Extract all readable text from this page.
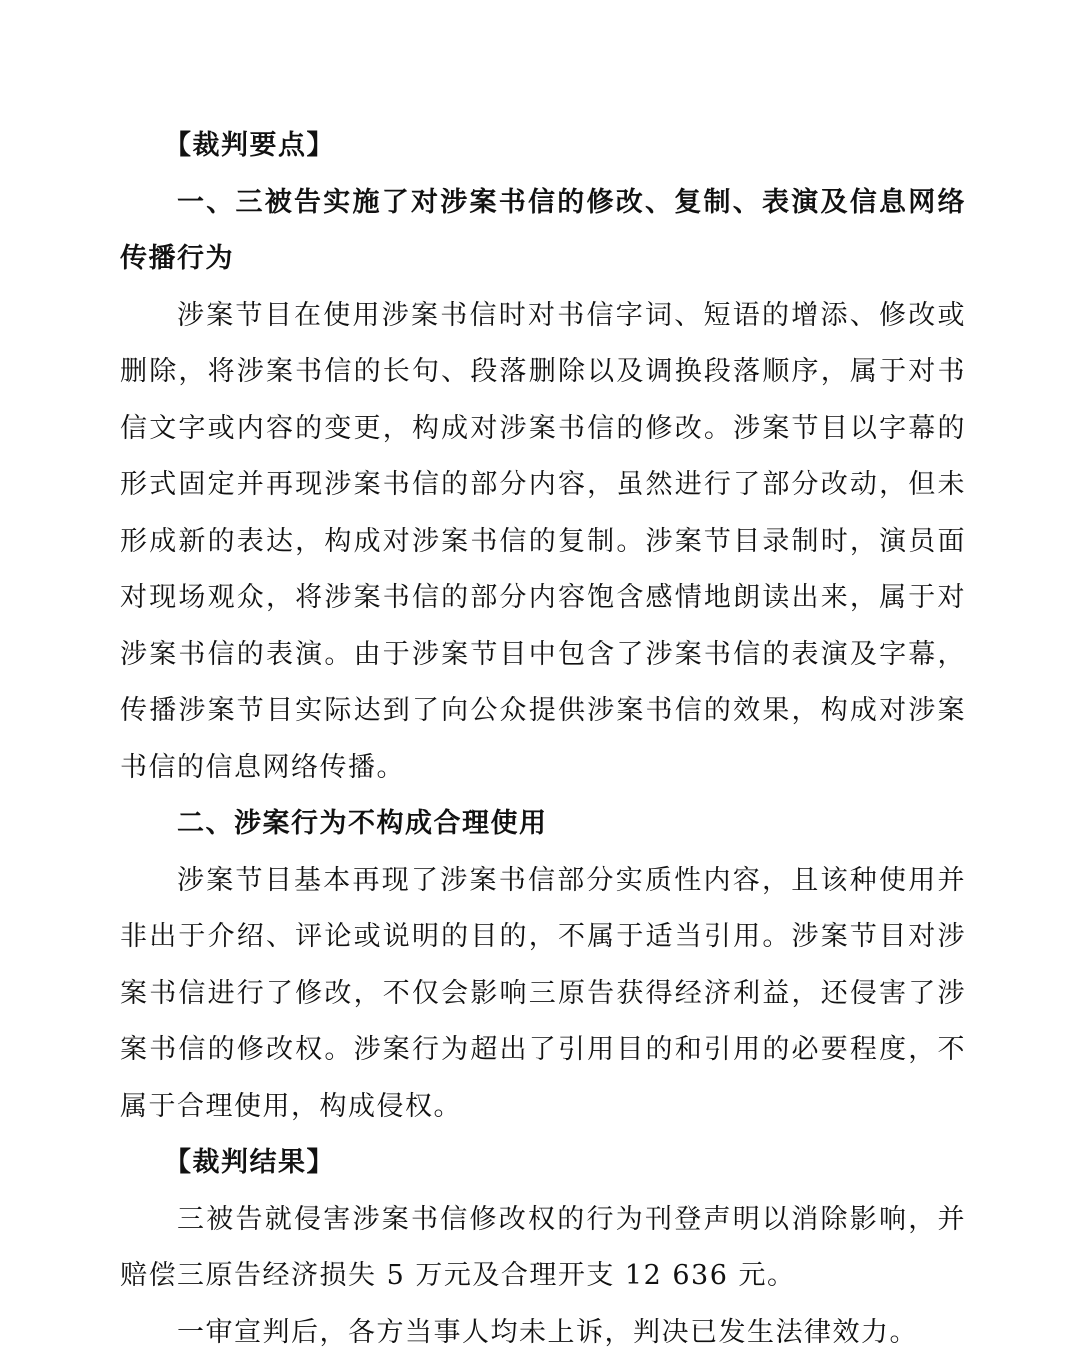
【裁判要点】

一、三被告实施了对涉案书信的修改、复制、表演及信息网络传播行为

涉案节目在使用涉案书信时对书信字词、短语的增添、修改或删除，将涉案书信的长句、段落删除以及调换段落顺序，属于对书信文字或内容的变更，构成对涉案书信的修改。涉案节目以字幕的形式固定并再现涉案书信的部分内容，虽然进行了部分改动，但未形成新的表达，构成对涉案书信的复制。涉案节目录制时，演员面对现场观众，将涉案书信的部分内容饱含感情地朗读出来，属于对涉案书信的表演。由于涉案节目中包含了涉案书信的表演及字幕，传播涉案节目实际达到了向公众提供涉案书信的效果，构成对涉案书信的信息网络传播。

二、涉案行为不构成合理使用

涉案节目基本再现了涉案书信部分实质性内容，且该种使用并非出于介绍、评论或说明的目的，不属于适当引用。涉案节目对涉案书信进行了修改，不仅会影响三原告获得经济利益，还侵害了涉案书信的修改权。涉案行为超出了引用目的和引用的必要程度，不属于合理使用，构成侵权。

【裁判结果】

三被告就侵害涉案书信修改权的行为刊登声明以消除影响，并赔偿三原告经济损失 5 万元及合理开支 12 636 元。

一审宣判后，各方当事人均未上诉，判决已发生法律效力。
